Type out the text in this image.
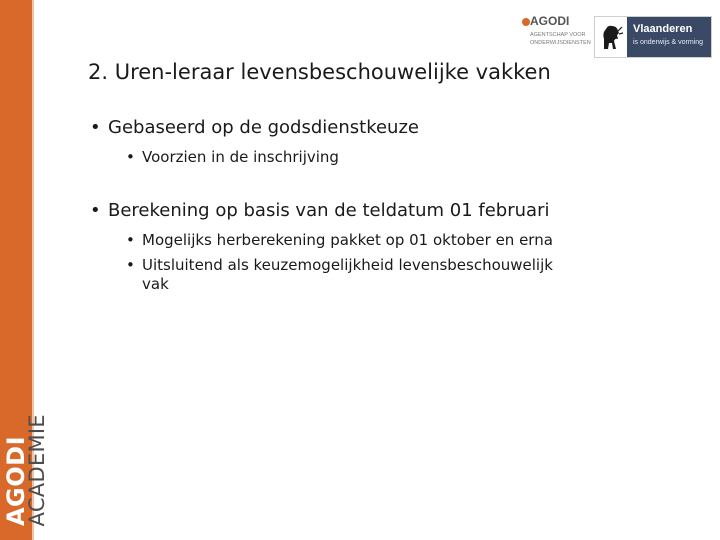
AGODI
ACADEMIE
AGODI
AGENTSCHAP VOOR ONDERWIJSDIENSTEN
Vlaanderen
is onderwijs & vorming
2. Uren-leraar levensbeschouwelijke vakken
• Gebaseerd op de godsdienstkeuze
• Voorzien in de inschrijving
• Berekening op basis van de teldatum 01 februari
• Mogelijks herberekening pakket op 01 oktober en erna
• Uitsluitend als keuzemogelijkheid levensbeschouwelijk vak
